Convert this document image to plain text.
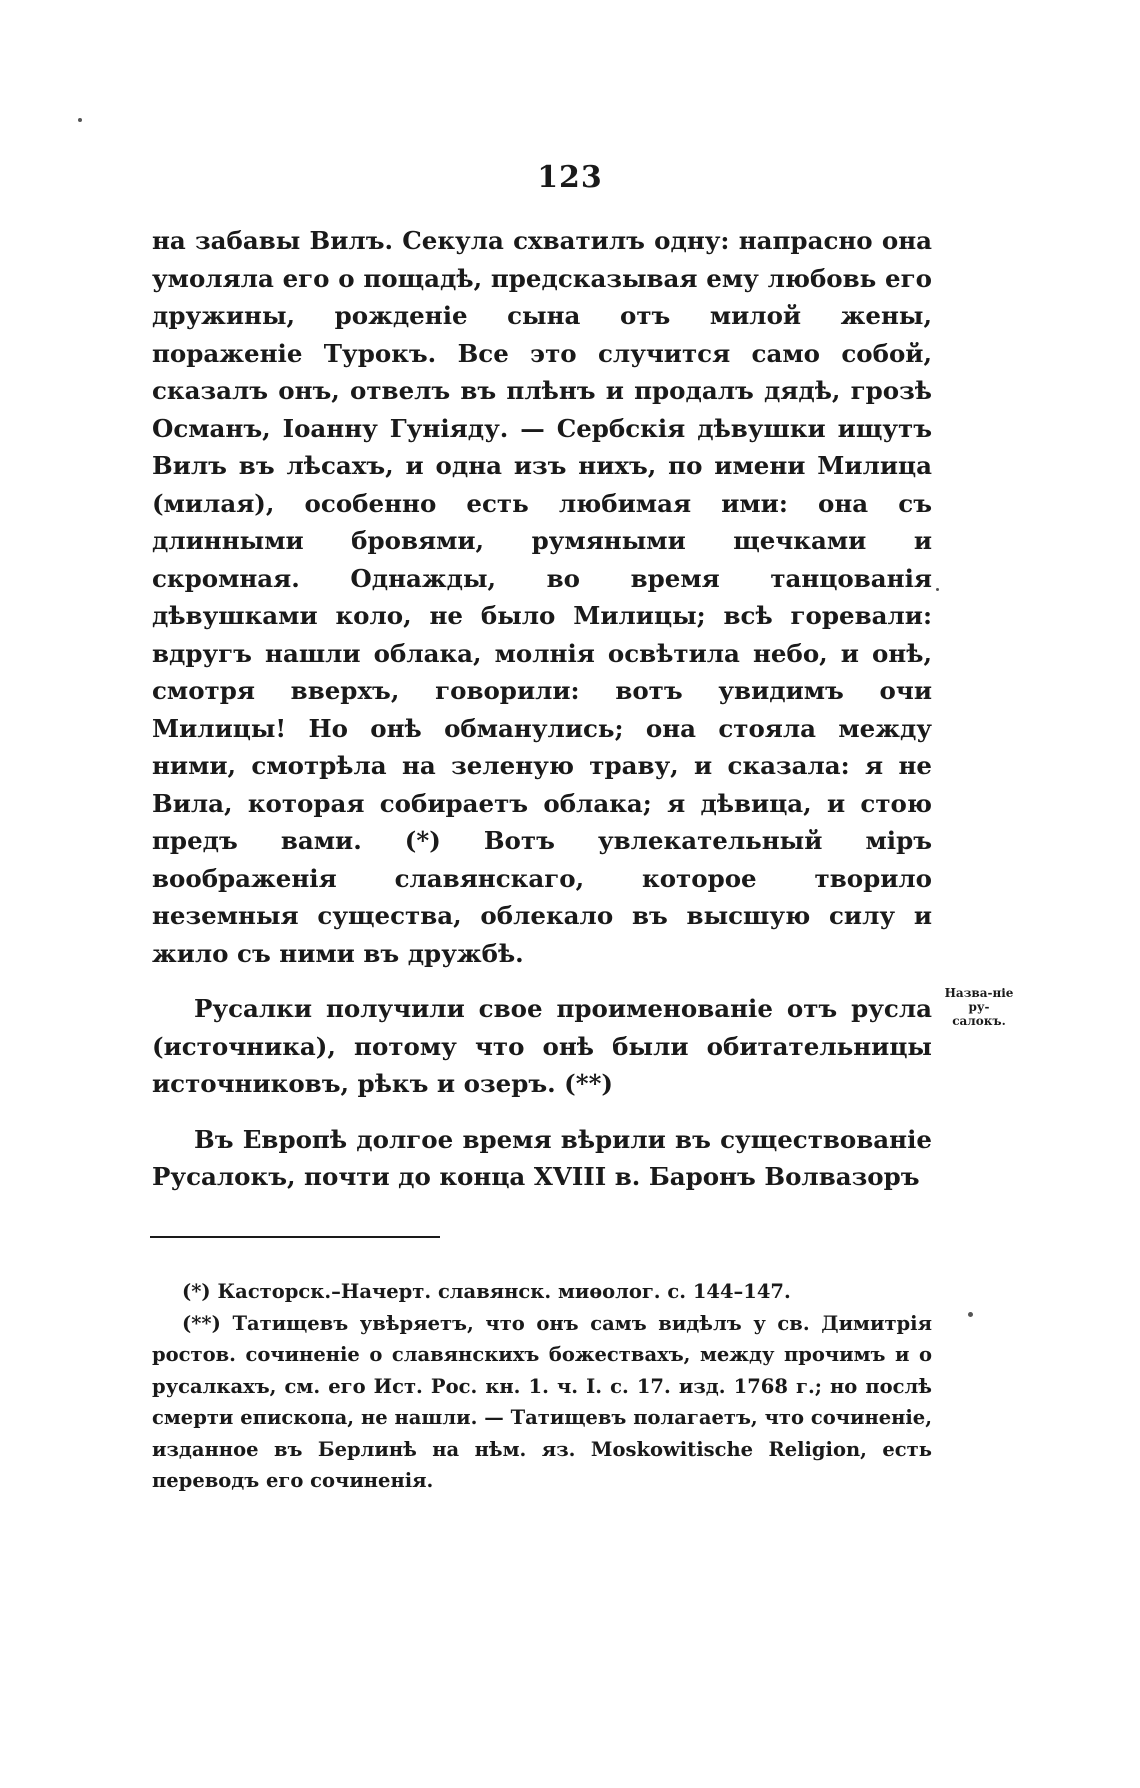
123

на забавы Вилъ. Секула схватилъ одну: напрасно она умоляла его о пощадѣ, предсказывая ему любовь его дружины, рожденіе сына отъ милой жены, пораженіе Турокъ. Все это случится само собой, сказалъ онъ, отвелъ въ плѣнъ и продалъ дядѣ, грозѣ Османъ, Іоанну Гуніяду. — Сербскія дѣвушки ищутъ Вилъ въ лѣсахъ, и одна изъ нихъ, по имени Милица (милая), особенно есть любимая ими: она съ длинными бровями, румяными щечками и скромная. Однажды, во время танцованія дѣвушками коло, не было Милицы; всѣ горевали: вдругъ нашли облака, молнія освѣтила небо, и онѣ, смотря вверхъ, говорили: вотъ увидимъ очи Милицы! Но онѣ обманулись; она стояла между ними, смотрѣла на зеленую траву, и сказала: я не Вила, которая собираетъ облака; я дѣвица, и стою предъ вами. (*) Вотъ увлекательный міръ воображенія славянскаго, которое творило неземныя существа, облекало въ высшую силу и жило съ ними въ дружбѣ.

Русалки получили свое проименованіе отъ русла (источника), потому что онѣ были обитательницы источниковъ, рѣкъ и озеръ. (**)

Въ Европѣ долгое время вѣрили въ существованіе Русалокъ, почти до конца XVIII в. Баронъ Волвазоръ

Назва-ніе ру-салокъ.

(*) Касторск.–Начерт. славянск. миѳолог. с. 144–147.

(**) Татищевъ увѣряетъ, что онъ самъ видѣлъ у св. Димитрія ростов. сочиненіе о славянскихъ божествахъ, между прочимъ и о русалкахъ, см. его Ист. Рос. кн. 1. ч. І. с. 17. изд. 1768 г.; но послѣ смерти епископа, не нашли. — Татищевъ полагаетъ, что сочиненіе, изданное въ Берлинѣ на нѣм. яз. Moskowitische Religion, есть переводъ его сочиненія.
